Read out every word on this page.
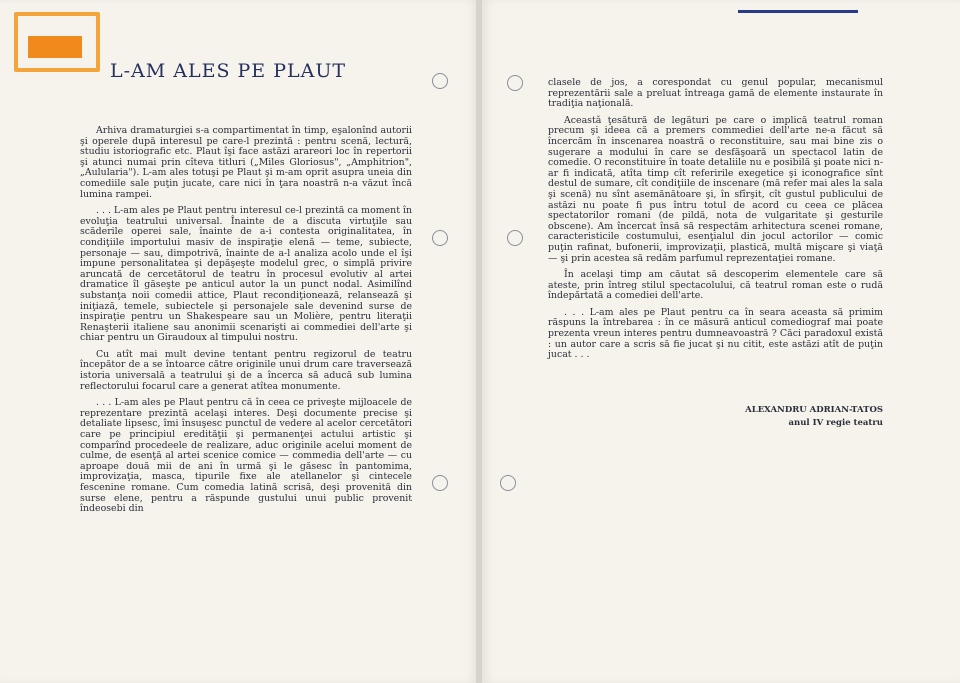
L-AM ALES PE PLAUT

Arhiva dramaturgiei s-a compartimentat în timp, eşalonînd autorii şi operele după interesul pe care-l prezintă : pentru scenă, lectură, studiu istoriografic etc. Plaut îşi face astăzi arareori loc în repertorii şi atunci numai prin cîteva titluri („Miles Gloriosus", „Amphitrion", „Aulularia"). L-am ales totuşi pe Plaut şi m-am oprit asupra uneia din comediile sale puţin jucate, care nici în ţara noastră n-a văzut încă lumina rampei.

. . . L-am ales pe Plaut pentru interesul ce-l prezintă ca moment în evoluţia teatrului universal. Înainte de a discuta virtuţile sau scăderile operei sale, înainte de a-i contesta originalitatea, în condiţiile importului masiv de inspiraţie elenă — teme, subiecte, personaje — sau, dimpotrivă, înainte de a-l analiza acolo unde el îşi impune personalitatea şi depăşeşte modelul grec, o simplă privire aruncată de cercetătorul de teatru în procesul evolutiv al artei dramatice îl găseşte pe anticul autor la un punct nodal. Asimilînd substanţa noii comedii attice, Plaut recondiţionează, relansează şi iniţiază, temele, subiectele şi personajele sale devenind surse de inspiraţie pentru un Shakespeare sau un Molière, pentru literaţii Renaşterii italiene sau anonimii scenarişti ai commediei dell'arte şi chiar pentru un Giraudoux al timpului nostru.

Cu atît mai mult devine tentant pentru regizorul de teatru începător de a se întoarce către originile unui drum care traversează istoria universală a teatrului şi de a încerca să aducă sub lumina reflectorului focarul care a generat atîtea monumente.

. . . L-am ales pe Plaut pentru că în ceea ce priveşte mijloacele de reprezentare prezintă acelaşi interes. Deşi documente precise şi detaliate lipsesc, îmi însuşesc punctul de vedere al acelor cercetători care pe principiul eredităţii şi permanenţei actului artistic şi comparînd procedeele de realizare, aduc originile acelui moment de culme, de esenţă al artei scenice comice — commedia dell'arte — cu aproape două mii de ani în urmă şi le găsesc în pantomima, improvizaţia, masca, tipurile fixe ale atellanelor şi cintecele fescenine romane. Cum comedia latină scrisă, deşi provenită din surse elene, pentru a răspunde gustului unui public provenit îndeosebi din

clasele de jos, a corespondat cu genul popular, mecanismul reprezentării sale a preluat întreaga gamă de elemente instaurate în tradiţia naţională.

Aceastǎ ţesătură de legături pe care o implică teatrul roman precum şi ideea că a premers commediei dell'arte ne-a făcut să încercăm în inscenarea noastră o reconstituire, sau mai bine zis o sugerare a modului în care se desfăşoară un spectacol latin de comedie. O reconstituire în toate detaliile nu e posibilă şi poate nici n-ar fi indicată, atîta timp cît referirile exegetice şi iconografice sînt destul de sumare, cît condiţiile de inscenare (mă refer mai ales la sala şi scenă) nu sînt asemănătoare şi, în sfîrşit, cît gustul publicului de astăzi nu poate fi pus întru totul de acord cu ceea ce plăcea spectatorilor romani (de pildă, nota de vulgaritate şi gesturile obscene). Am încercat însă să respectăm arhitectura scenei romane, caracteristicile costumului, esenţialul din jocul actorilor — comic puţin rafinat, bufonerii, improvizaţii, plastică, multă mişcare şi viaţă — şi prin acestea să redăm parfumul reprezentaţiei romane.

În acelaşi timp am căutat să descoperim elementele care să ateste, prin întreg stilul spectacolului, că teatrul roman este o rudă îndepărtată a comediei dell'arte.

. . . L-am ales pe Plaut pentru ca în seara aceasta să primim răspuns la întrebarea : în ce măsură anticul comediograf mai poate prezenta vreun interes pentru dumneavoastră ? Căci paradoxul există : un autor care a scris să fie jucat şi nu citit, este astăzi atît de puţin jucat . . .

ALEXANDRU ADRIAN-TATOS
anul IV regie teatru
